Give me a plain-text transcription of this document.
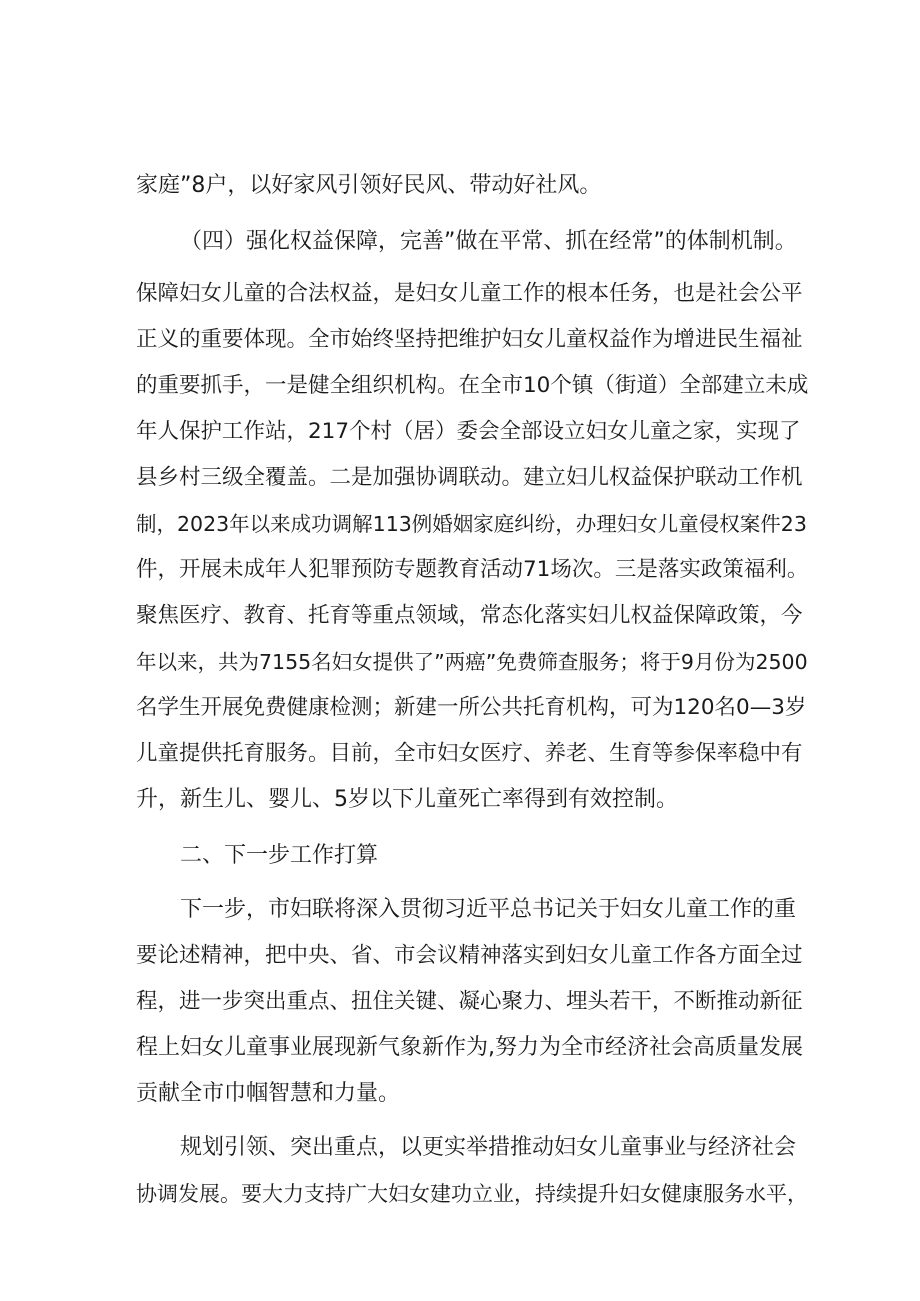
家庭”8户，以好家风引领好民风、带动好社风。
（四）强化权益保障，完善”做在平常、抓在经常”的体制机制。
保障妇女儿童的合法权益，是妇女儿童工作的根本任务，也是社会公平
正义的重要体现。全市始终坚持把维护妇女儿童权益作为增进民生福祉
的重要抓手，一是健全组织机构。在全市10个镇（街道）全部建立未成
年人保护工作站，217个村（居）委会全部设立妇女儿童之家，实现了
县乡村三级全覆盖。二是加强协调联动。建立妇儿权益保护联动工作机
制，2023年以来成功调解113例婚姻家庭纠纷，办理妇女儿童侵权案件23
件，开展未成年人犯罪预防专题教育活动71场次。三是落实政策福利。
聚焦医疗、教育、托育等重点领域，常态化落实妇儿权益保障政策，今
年以来，共为7155名妇女提供了”两癌”免费筛查服务；将于9月份为2500
名学生开展免费健康检测；新建一所公共托育机构，可为120名0—3岁
儿童提供托育服务。目前，全市妇女医疗、养老、生育等参保率稳中有
升，新生儿、婴儿、5岁以下儿童死亡率得到有效控制。
二、下一步工作打算
下一步，市妇联将深入贯彻习近平总书记关于妇女儿童工作的重
要论述精神，把中央、省、市会议精神落实到妇女儿童工作各方面全过
程，进一步突出重点、扭住关键、凝心聚力、埋头若干，不断推动新征
程上妇女儿童事业展现新气象新作为,努力为全市经济社会高质量发展
贡献全市巾帼智慧和力量。
规划引领、突出重点，以更实举措推动妇女儿童事业与经济社会
协调发展。要大力支持广大妇女建功立业，持续提升妇女健康服务水平，
